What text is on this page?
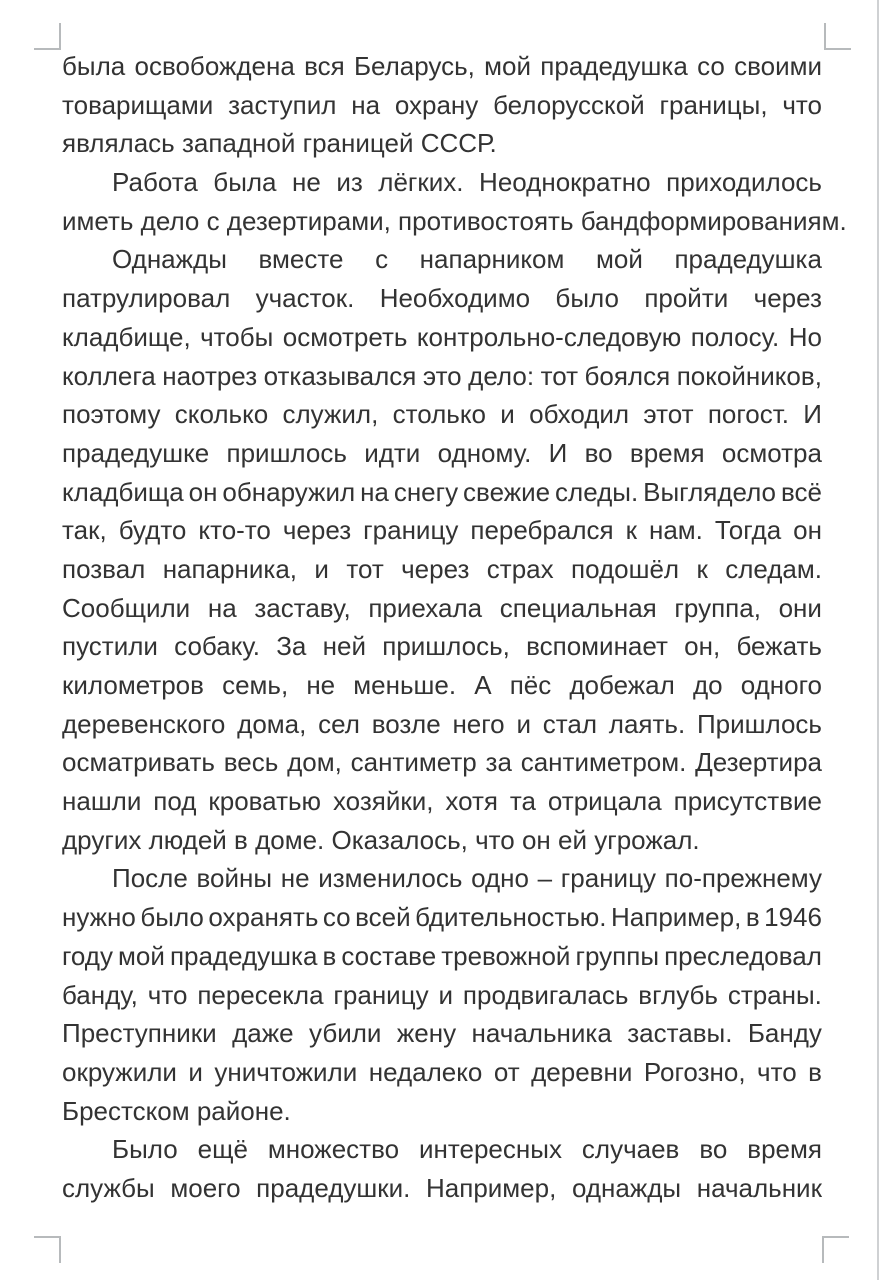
была освобождена вся Беларусь, мой прадедушка со своими
товарищами заступил на охрану белорусской границы, что
являлась западной границей СССР.
Работа была не из лёгких. Неоднократно приходилось
иметь дело с дезертирами, противостоять бандформированиям.
Однажды вместе с напарником мой прадедушка
патрулировал участок. Необходимо было пройти через
кладбище, чтобы осмотреть контрольно-следовую полосу. Но
коллега наотрез отказывался это дело: тот боялся покойников,
поэтому сколько служил, столько и обходил этот погост. И
прадедушке пришлось идти одному. И во время осмотра
кладбища он обнаружил на снегу свежие следы. Выглядело всё
так, будто кто-то через границу перебрался к нам. Тогда он
позвал напарника, и тот через страх подошёл к следам.
Сообщили на заставу, приехала специальная группа, они
пустили собаку. За ней пришлось, вспоминает он, бежать
километров семь, не меньше. А пёс добежал до одного
деревенского дома, сел возле него и стал лаять. Пришлось
осматривать весь дом, сантиметр за сантиметром. Дезертира
нашли под кроватью хозяйки, хотя та отрицала присутствие
других людей в доме. Оказалось, что он ей угрожал.
После войны не изменилось одно – границу по-прежнему
нужно было охранять со всей бдительностью. Например, в 1946
году мой прадедушка в составе тревожной группы преследовал
банду, что пересекла границу и продвигалась вглубь страны.
Преступники даже убили жену начальника заставы. Банду
окружили и уничтожили недалеко от деревни Рогозно, что в
Брестском районе.
Было ещё множество интересных случаев во время
службы моего прадедушки. Например, однажды начальник
